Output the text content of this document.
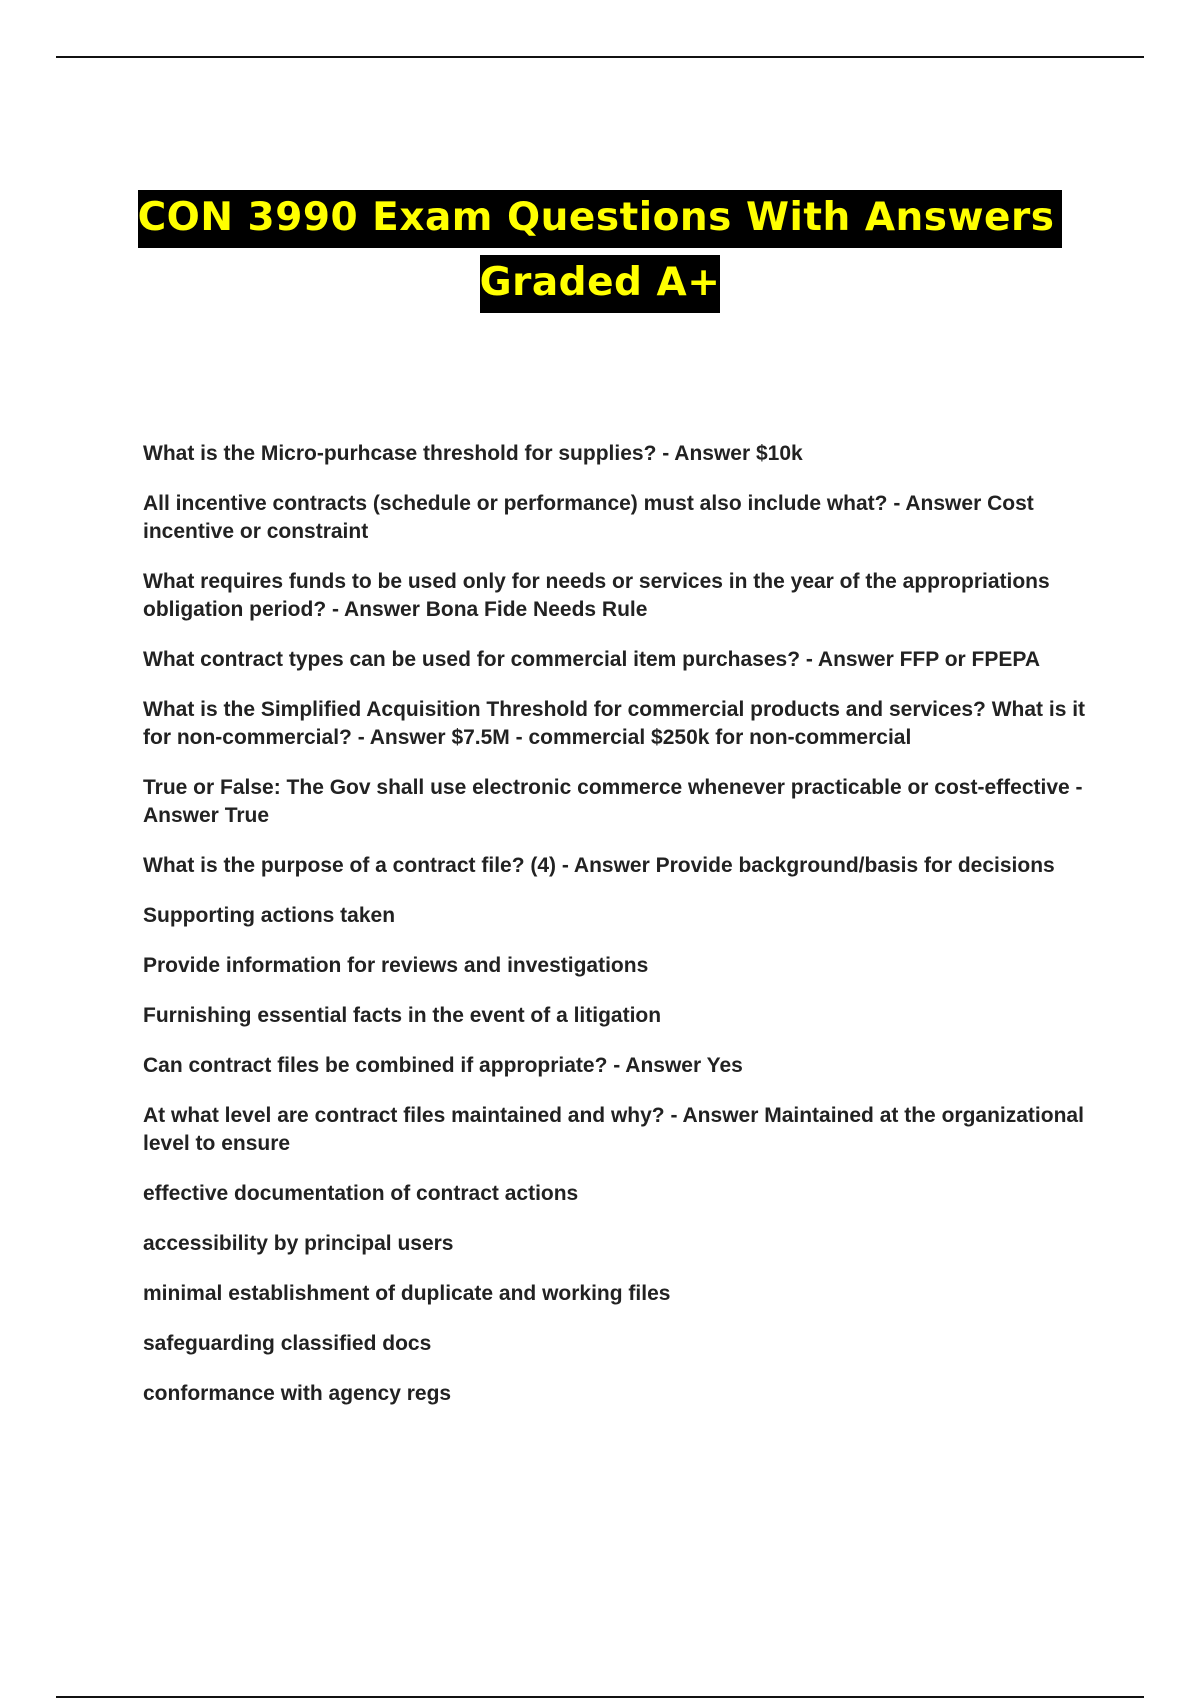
CON 3990 Exam Questions With Answers
Graded A+

What is the Micro-purhcase threshold for supplies? - Answer $10k

All incentive contracts (schedule or performance) must also include what? - Answer Cost incentive or constraint

What requires funds to be used only for needs or services in the year of the appropriations obligation period? - Answer Bona Fide Needs Rule

What contract types can be used for commercial item purchases? - Answer FFP or FPEPA

What is the Simplified Acquisition Threshold for commercial products and services? What is it for non-commercial? - Answer $7.5M - commercial $250k for non-commercial

True or False: The Gov shall use electronic commerce whenever practicable or cost-effective - Answer True

What is the purpose of a contract file? (4) - Answer Provide background/basis for decisions

Supporting actions taken

Provide information for reviews and investigations

Furnishing essential facts in the event of a litigation

Can contract files be combined if appropriate? - Answer Yes

At what level are contract files maintained and why? - Answer Maintained at the organizational level to ensure

effective documentation of contract actions

accessibility by principal users

minimal establishment of duplicate and working files

safeguarding classified docs

conformance with agency regs
